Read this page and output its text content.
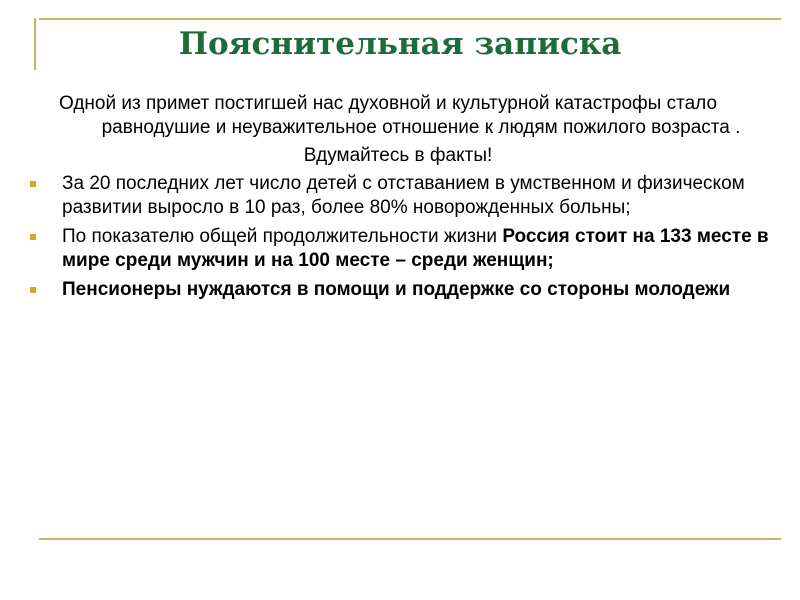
Пояснительная записка

Одной из примет постигшей нас духовной и культурной катастрофы стало равнодушие и неуважительное отношение к людям пожилого возраста .

Вдумайтесь в факты!

За 20 последних лет число детей с отставанием в умственном и физическом развитии выросло в 10 раз, более 80% новорожденных больны;
По показателю общей продолжительности жизни Россия стоит на 133 месте в мире среди мужчин и на 100 месте – среди женщин;
Пенсионеры нуждаются в помощи и поддержке со стороны молодежи
